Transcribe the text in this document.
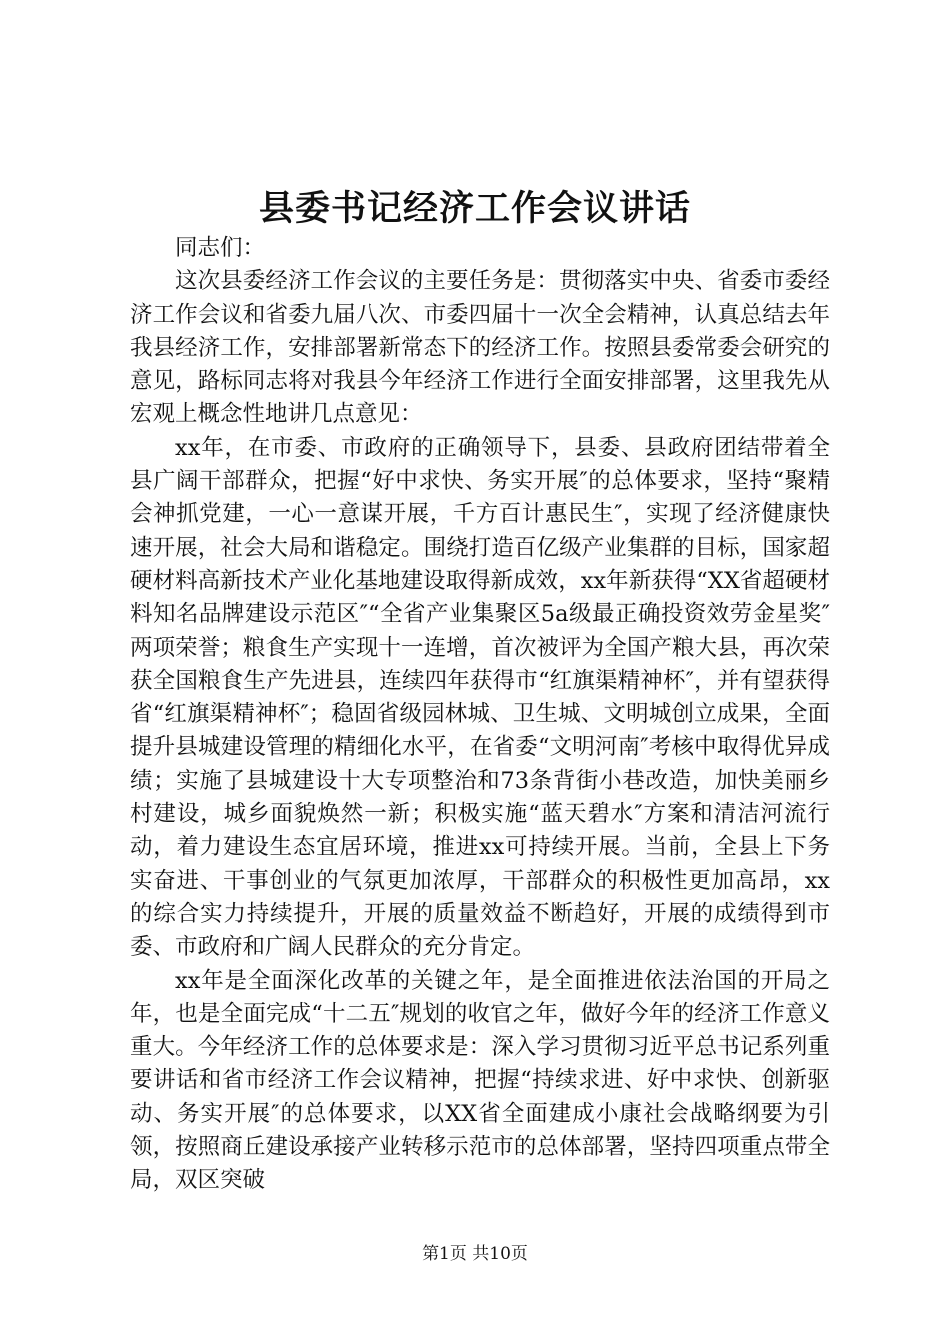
县委书记经济工作会议讲话

同志们：

这次县委经济工作会议的主要任务是：贯彻落实中央、省委市委经济工作会议和省委九届八次、市委四届十一次全会精神，认真总结去年我县经济工作，安排部署新常态下的经济工作。按照县委常委会研究的意见，路标同志将对我县今年经济工作进行全面安排部署，这里我先从宏观上概念性地讲几点意见：

xx年，在市委、市政府的正确领导下，县委、县政府团结带着全县广阔干部群众，把握“好中求快、务实开展″的总体要求，坚持“聚精会神抓党建，一心一意谋开展，千方百计惠民生″，实现了经济健康快速开展，社会大局和谐稳定。围绕打造百亿级产业集群的目标，国家超硬材料高新技术产业化基地建设取得新成效，xx年新获得“XX省超硬材料知名品牌建设示范区″“全省产业集聚区5a级最正确投资效劳金星奖″两项荣誉；粮食生产实现十一连增，首次被评为全国产粮大县，再次荣获全国粮食生产先进县，连续四年获得市“红旗渠精神杯″，并有望获得省“红旗渠精神杯″；稳固省级园林城、卫生城、文明城创立成果，全面提升县城建设管理的精细化水平，在省委“文明河南″考核中取得优异成绩；实施了县城建设十大专项整治和73条背街小巷改造，加快美丽乡村建设，城乡面貌焕然一新；积极实施“蓝天碧水″方案和清洁河流行动，着力建设生态宜居环境，推进xx可持续开展。当前，全县上下务实奋进、干事创业的气氛更加浓厚，干部群众的积极性更加高昂，xx的综合实力持续提升，开展的质量效益不断趋好，开展的成绩得到市委、市政府和广阔人民群众的充分肯定。

xx年是全面深化改革的关键之年，是全面推进依法治国的开局之年，也是全面完成“十二五″规划的收官之年，做好今年的经济工作意义重大。今年经济工作的总体要求是：深入学习贯彻习近平总书记系列重要讲话和省市经济工作会议精神，把握“持续求进、好中求快、创新驱动、务实开展″的总体要求，以XX省全面建成小康社会战略纲要为引领，按照商丘建设承接产业转移示范市的总体部署，坚持四项重点带全局，双区突破

第1页 共10页
